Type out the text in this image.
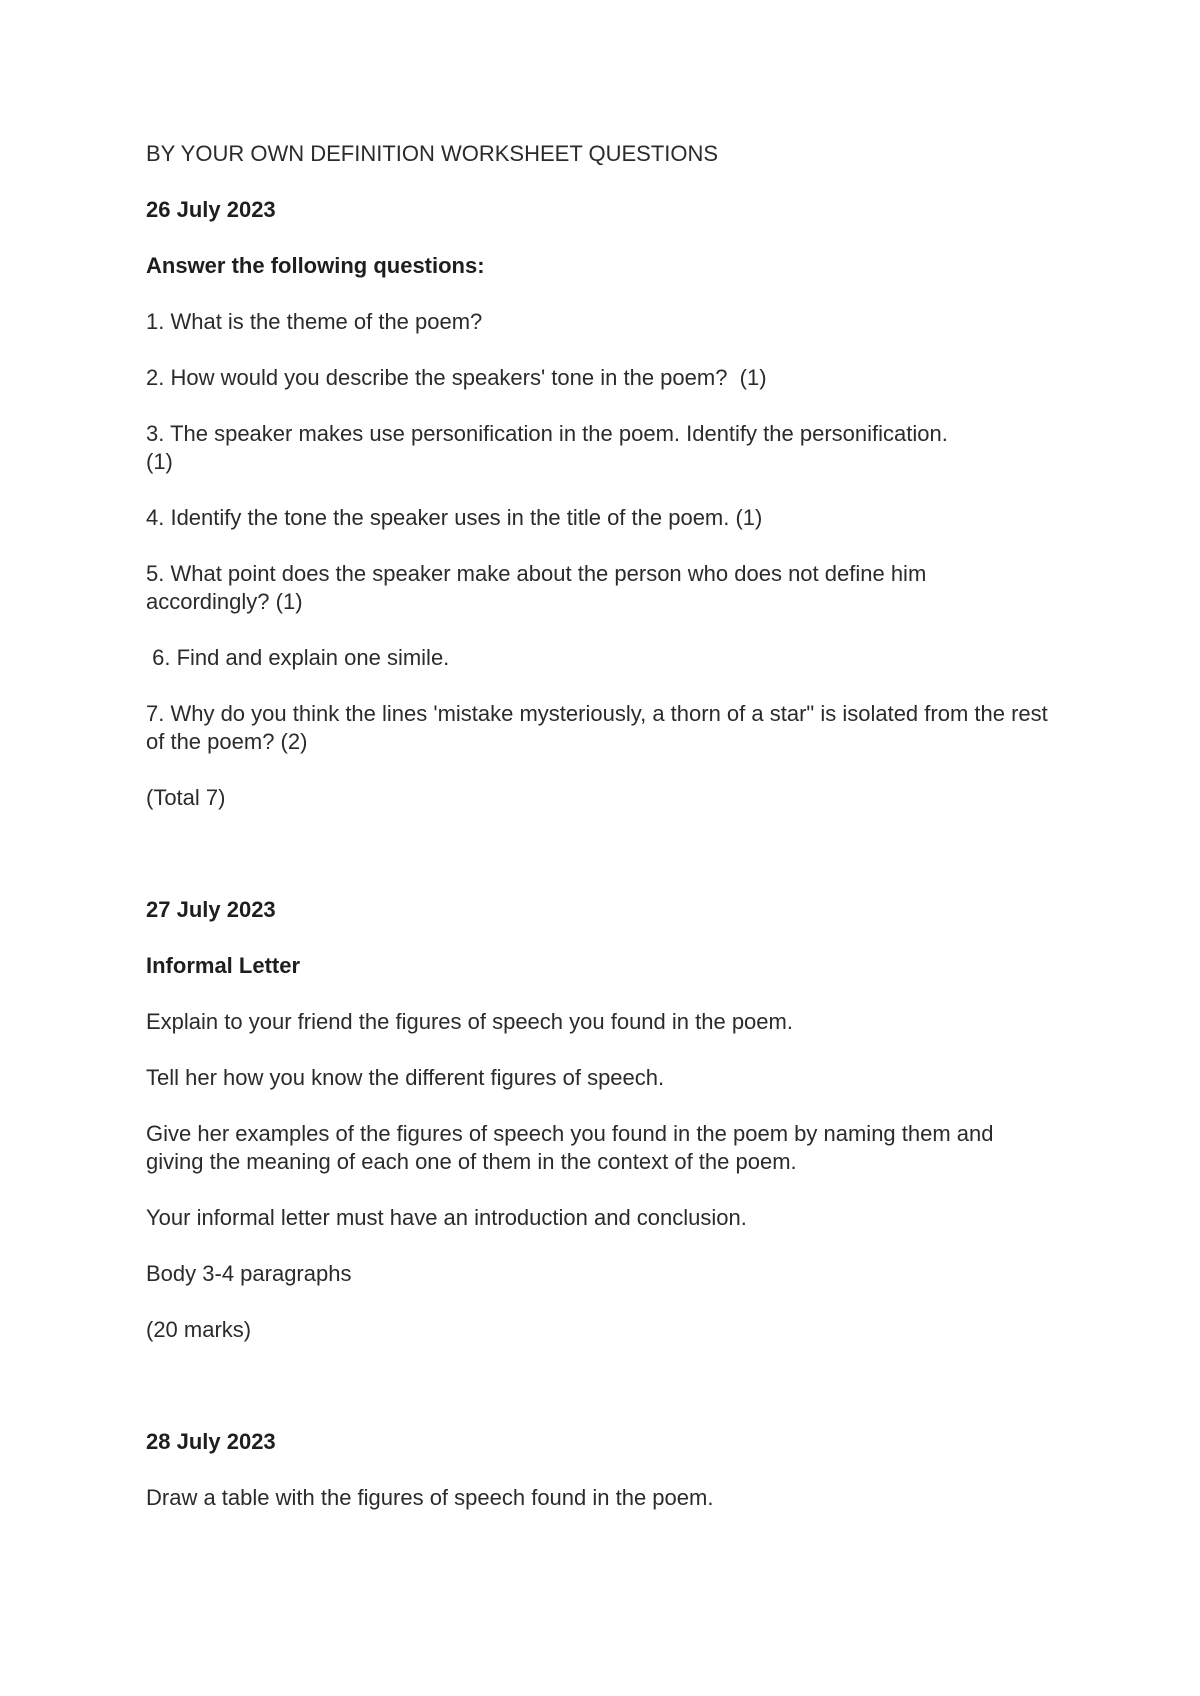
BY YOUR OWN DEFINITION WORKSHEET QUESTIONS

26 July 2023

Answer the following questions:

1. What is the theme of the poem?

2. How would you describe the speakers' tone in the poem?  (1)

3. The speaker makes use personification in the poem. Identify the personification. (1)

4. Identify the tone the speaker uses in the title of the poem. (1)

5. What point does the speaker make about the person who does not define him accordingly? (1)

6. Find and explain one simile.

7. Why do you think the lines 'mistake mysteriously, a thorn of a star" is isolated from the rest of the poem? (2)

(Total 7)

27 July 2023

Informal Letter

Explain to your friend the figures of speech you found in the poem.

Tell her how you know the different figures of speech.

Give her examples of the figures of speech you found in the poem by naming them and giving the meaning of each one of them in the context of the poem.

Your informal letter must have an introduction and conclusion.

Body 3-4 paragraphs

(20 marks)

28 July 2023

Draw a table with the figures of speech found in the poem.
